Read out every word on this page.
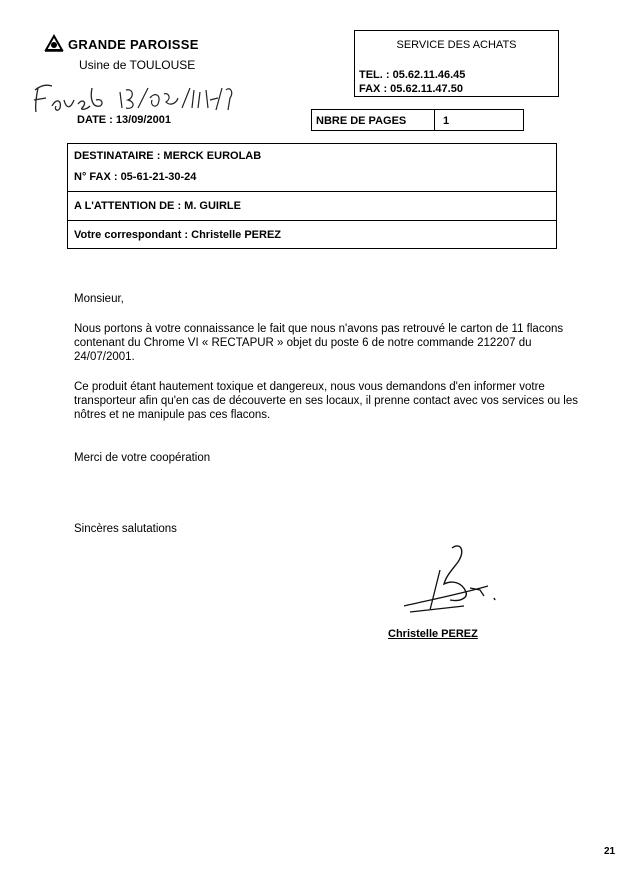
GRANDE PAROISSE
Usine de TOULOUSE
Faxé le 13/09/01 à 16 h 17
DATE : 13/09/2001
SERVICE DES ACHATS
TEL. : 05.62.11.46.45
FAX : 05.62.11.47.50
NBRE DE PAGES	1
DESTINATAIRE : MERCK EUROLAB
N° FAX : 05-61-21-30-24
A L'ATTENTION DE : M. GUIRLE
Votre correspondant : Christelle PEREZ
Monsieur,
Nous portons à votre connaissance le fait que nous n'avons pas retrouvé le carton de 11 flacons contenant du Chrome VI « RECTAPUR » objet du poste 6 de notre commande 212207 du 24/07/2001.
Ce produit étant hautement toxique et dangereux, nous vous demandons d'en informer votre transporteur afin qu'en cas de découverte en ses locaux, il prenne contact avec vos services ou les nôtres et ne manipule pas ces flacons.
Merci de votre coopération
Sincères salutations
Christelle PEREZ
21
